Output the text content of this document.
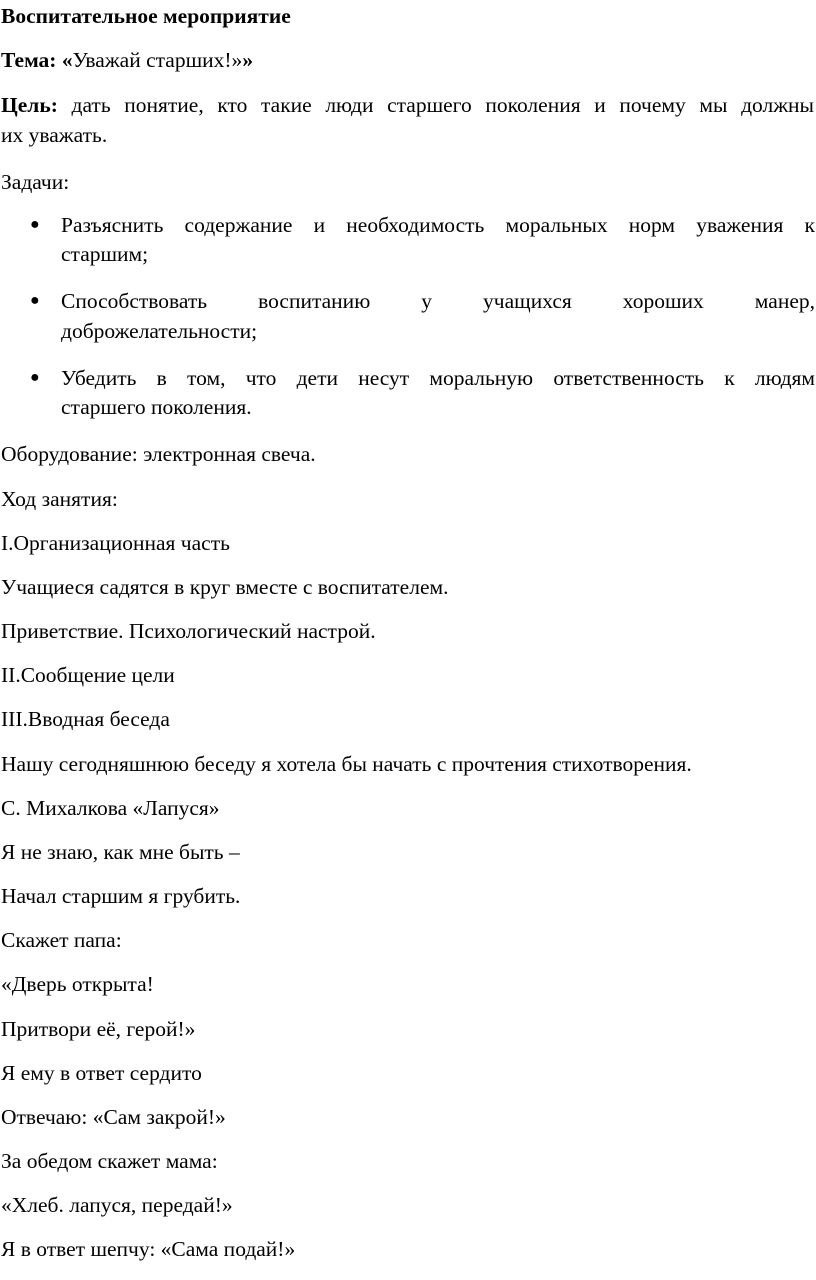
Воспитательное мероприятие
Тема: «Уважай старших!»»
Цель: дать понятие, кто такие люди старшего поколения и почему мы должны
их уважать.
Задачи:
● Разъяснить содержание и необходимость моральных норм уважения к
старшим;
● Способствовать воспитанию у учащихся хороших манер,
доброжелательности;
● Убедить в том, что дети несут моральную ответственность к людям
старшего поколения.
Оборудование: электронная свеча.
Ход занятия:
I.Организационная часть
Учащиеся садятся в круг вместе с воспитателем.
Приветствие. Психологический настрой.
II.Сообщение цели
III.Вводная беседа
Нашу сегодняшнюю беседу я хотела бы начать с прочтения стихотворения.
С. Михалкова «Лапуся»
Я не знаю, как мне быть –
Начал старшим я грубить.
Скажет папа:
«Дверь открыта!
Притвори её, герой!»
Я ему в ответ сердито
Отвечаю: «Сам закрой!»
За обедом скажет мама:
«Хлеб. лапуся, передай!»
Я в ответ шепчу: «Сама подай!»
